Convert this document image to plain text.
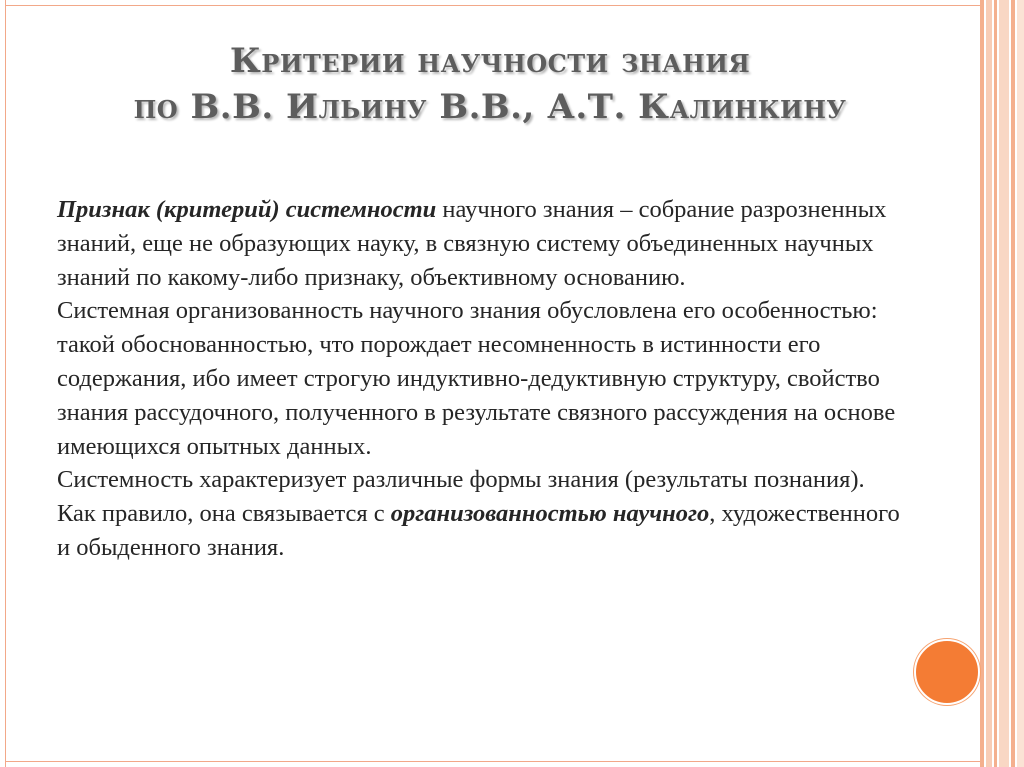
Критерии научности знания
по В.В. Ильину В.В., А.Т. Калинкину

Признак (критерий) системности научного знания – собрание разрозненных знаний, еще не образующих науку, в связную систему объединенных научных знаний по какому-либо признаку, объективному основанию.

Системная организованность научного знания обусловлена его особенностью: такой обоснованностью, что порождает несомненность в истинности его содержания, ибо имеет строгую индуктивно-дедуктивную структуру, свойство знания рассудочного, полученного в результате связного рассуждения на основе имеющихся опытных данных.

Системность характеризует различные формы знания (результаты познания). Как правило, она связывается с организованностью научного, художественного и обыденного знания.
